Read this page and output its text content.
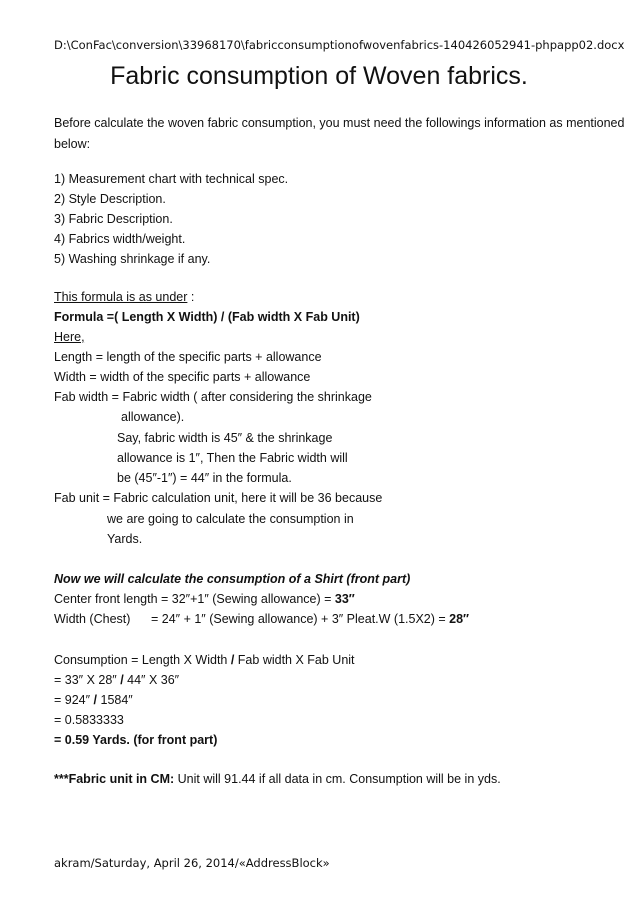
D:\ConFac\conversion\33968170\fabricconsumptionofwovenfabrics-140426052941-phpapp02.docx
Fabric consumption of Woven fabrics.
Before calculate the woven fabric consumption, you must need the followings information as mentioned
below:
1) Measurement chart with technical spec.
2) Style Description.
3) Fabric Description.
4) Fabrics width/weight.
5) Washing shrinkage if any.
This formula is as under :
Formula =( Length X Width) / (Fab width X Fab Unit)
Here,
Length = length of the specific parts + allowance
Width = width of the specific parts + allowance
Fab width = Fabric width ( after considering the shrinkage
allowance).
Say, fabric width is 45″ & the shrinkage
allowance is 1″, Then the Fabric width will
be (45″-1″) = 44″ in the formula.
Fab unit = Fabric calculation unit, here it will be 36 because
we are going to calculate the consumption in
Yards.
Now we will calculate the consumption of a Shirt (front part)
Center front length = 32″+1″ (Sewing allowance) = 33″
Width (Chest) = 24″ + 1″ (Sewing allowance) + 3″ Pleat.W (1.5X2) = 28″
Consumption = Length X Width / Fab width X Fab Unit
= 33″ X 28″ / 44″ X 36″
= 924″ / 1584″
= 0.5833333
= 0.59 Yards. (for front part)
***Fabric unit in CM: Unit will 91.44 if all data in cm. Consumption will be in yds.
akram/Saturday, April 26, 2014/«AddressBlock»
